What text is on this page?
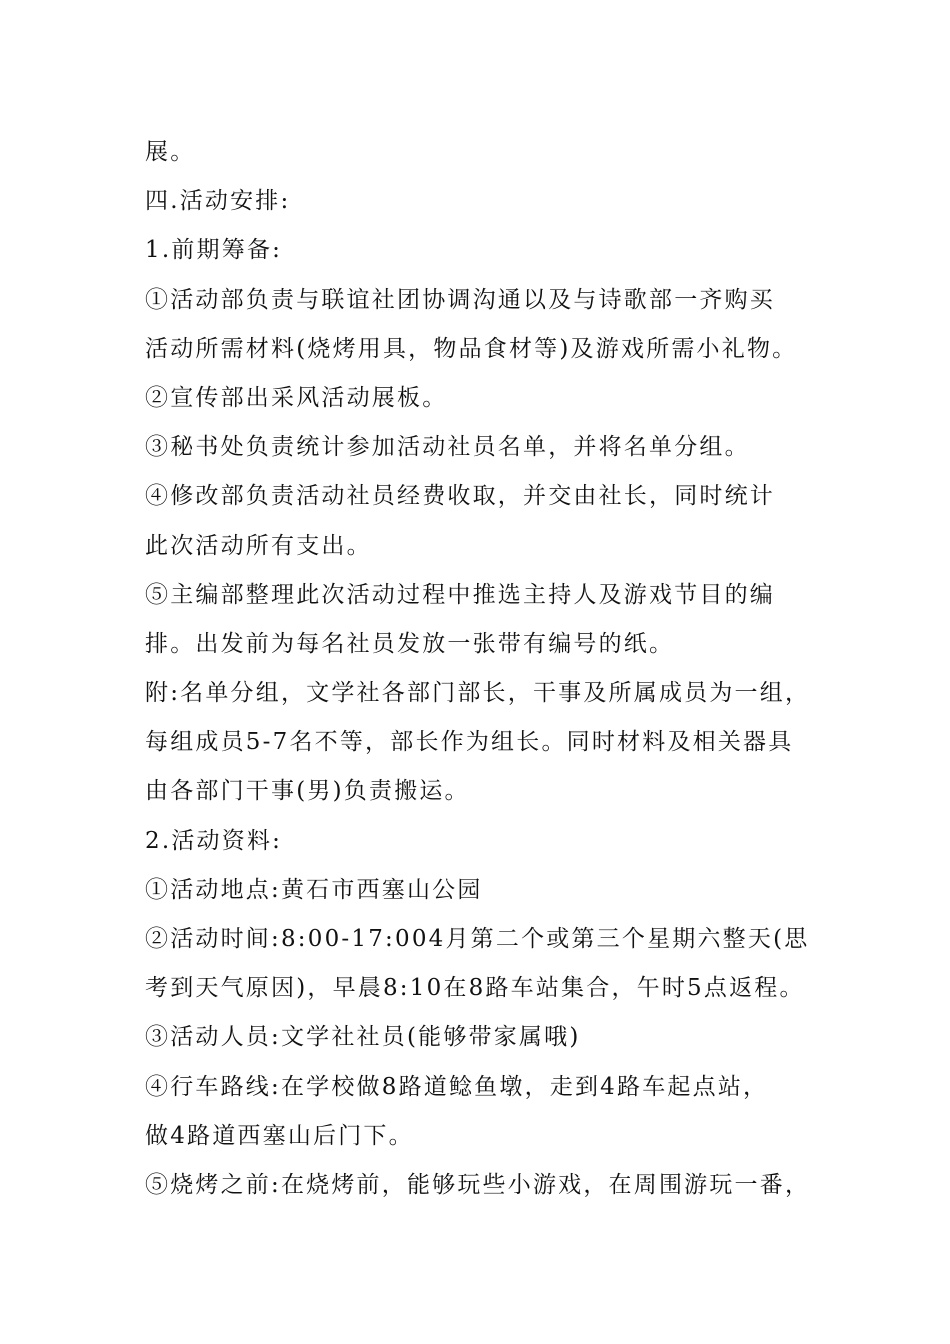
展。
四.活动安排:
1.前期筹备:
①活动部负责与联谊社团协调沟通以及与诗歌部一齐购买
活动所需材料(烧烤用具，物品食材等)及游戏所需小礼物。
②宣传部出采风活动展板。
③秘书处负责统计参加活动社员名单，并将名单分组。
④修改部负责活动社员经费收取，并交由社长，同时统计
此次活动所有支出。
⑤主编部整理此次活动过程中推选主持人及游戏节目的编
排。出发前为每名社员发放一张带有编号的纸。
附:名单分组，文学社各部门部长，干事及所属成员为一组，
每组成员5-7名不等，部长作为组长。同时材料及相关器具
由各部门干事(男)负责搬运。
2.活动资料:
①活动地点:黄石市西塞山公园
②活动时间:8:00-17:004月第二个或第三个星期六整天(思
考到天气原因)，早晨8:10在8路车站集合，午时5点返程。
③活动人员:文学社社员(能够带家属哦)
④行车路线:在学校做8路道鲶鱼墩，走到4路车起点站，
做4路道西塞山后门下。
⑤烧烤之前:在烧烤前，能够玩些小游戏，在周围游玩一番，
